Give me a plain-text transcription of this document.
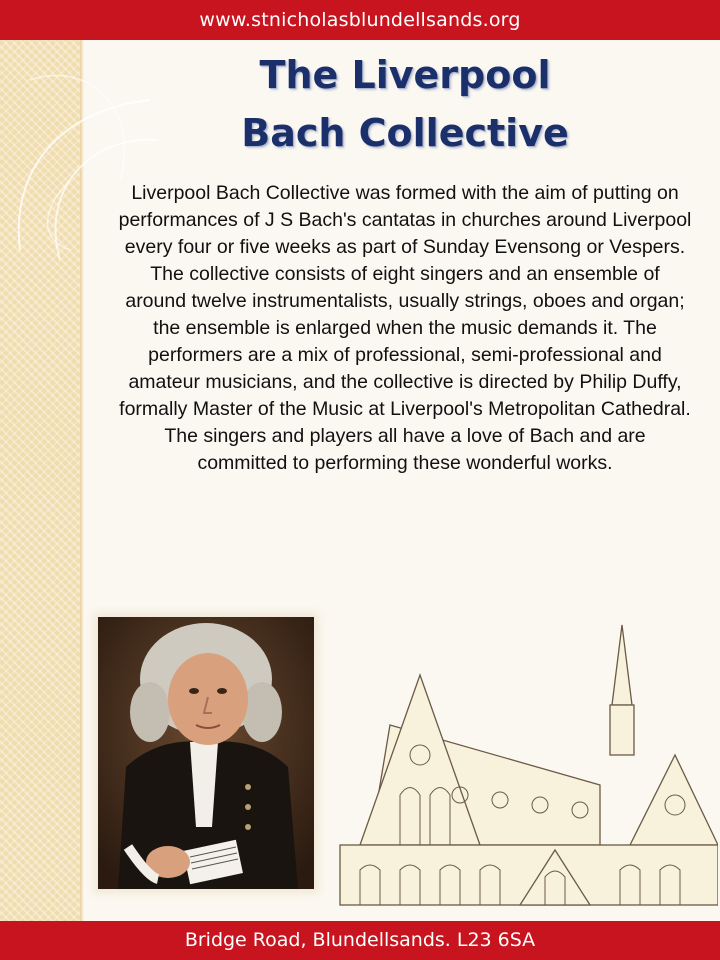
www.stnicholasblundellsands.org
The Liverpool
Bach Collective

Liverpool Bach Collective was formed with the aim of putting on performances of J S Bach's cantatas in churches around Liverpool every four or five weeks as part of Sunday Evensong or Vespers. The collective consists of eight singers and an ensemble of around twelve instrumentalists, usually strings, oboes and organ; the ensemble is enlarged when the music demands it. The performers are a mix of professional, semi-professional and amateur musicians, and the collective is directed by Philip Duffy, formally Master of the Music at Liverpool's Metropolitan Cathedral. The singers and players all have a love of Bach and are committed to performing these wonderful works.

Bridge Road, Blundellsands. L23 6SA
